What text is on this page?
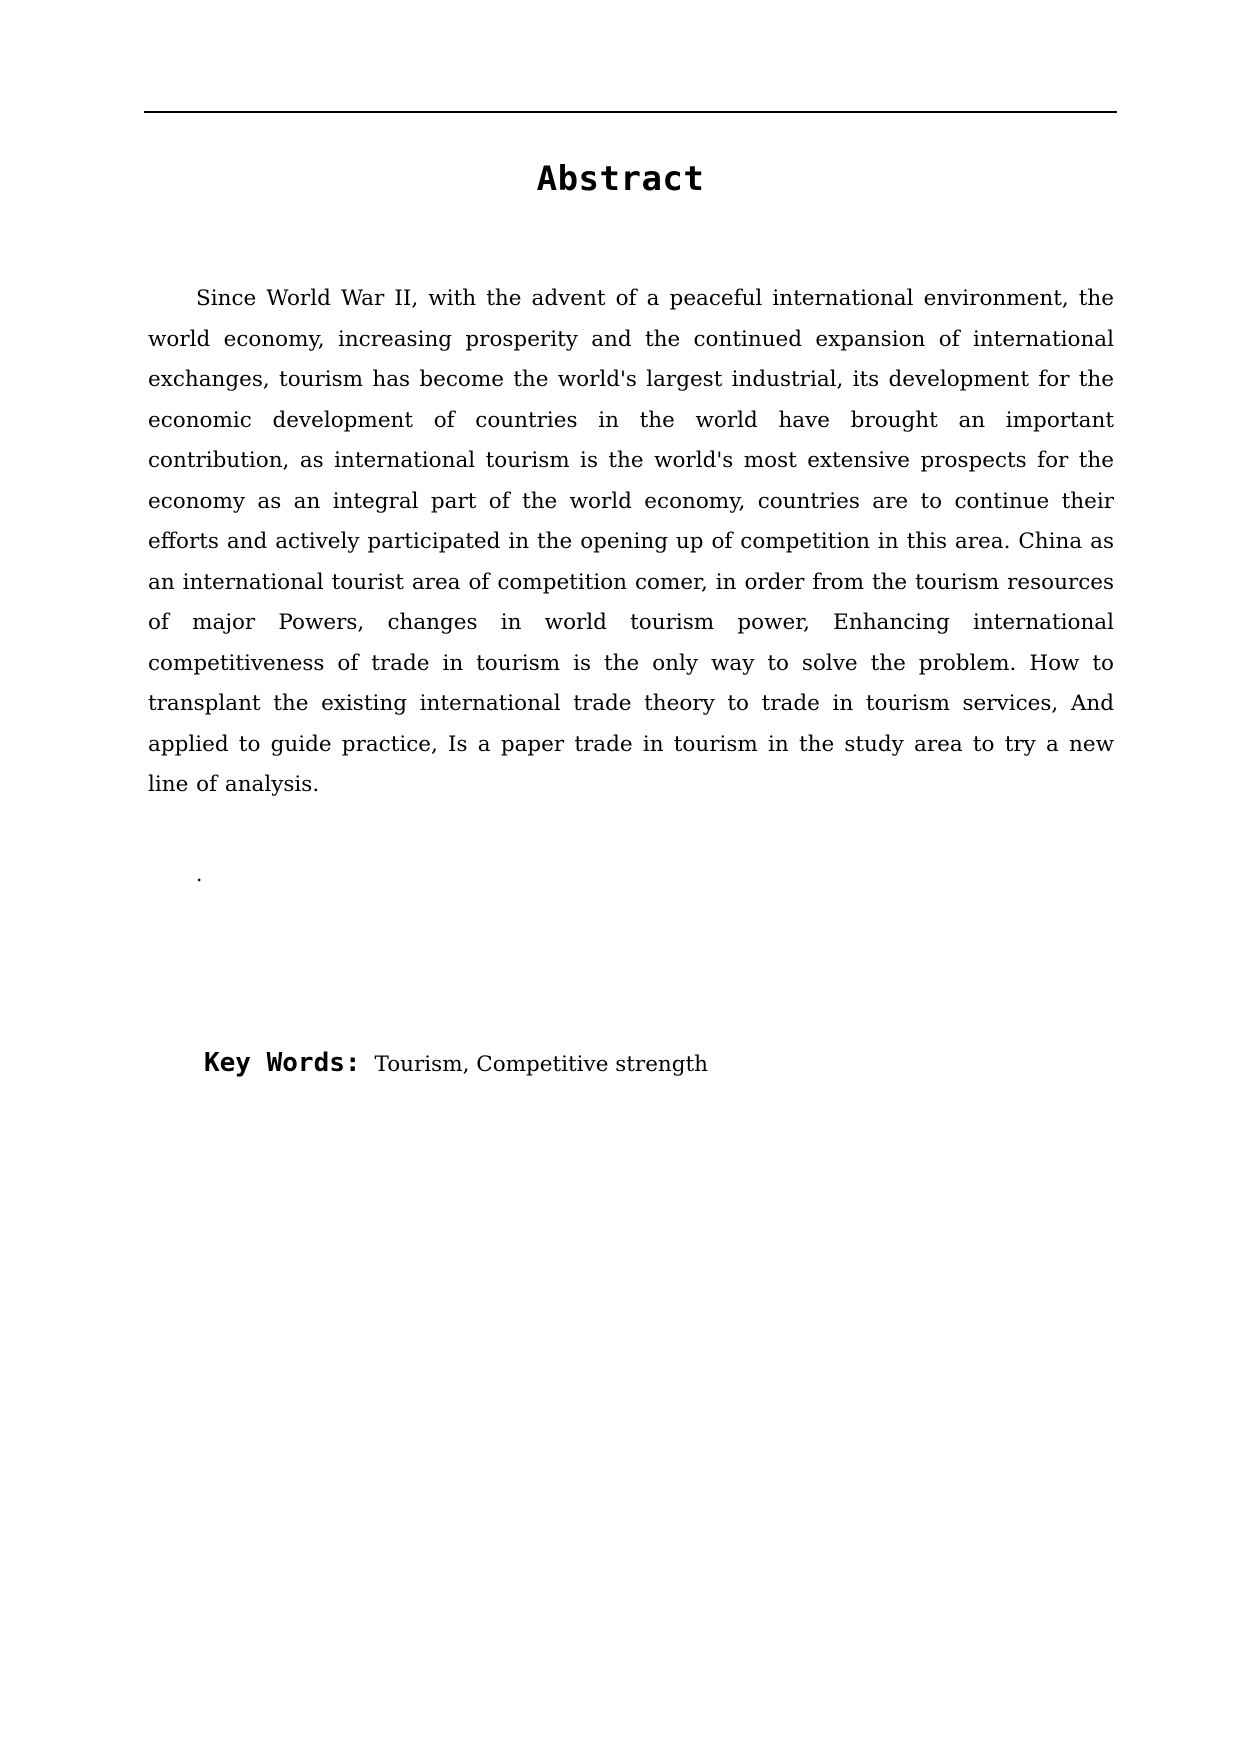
Abstract

Since World War II, with the advent of a peaceful international environment, the world economy, increasing prosperity and the continued expansion of international exchanges, tourism has become the world's largest industrial, its development for the economic development of countries in the world have brought an important contribution, as international tourism is the world's most extensive prospects for the economy as an integral part of the world economy, countries are to continue their efforts and actively participated in the opening up of competition in this area. China as an international tourist area of competition comer, in order from the tourism resources of major Powers, changes in world tourism power, Enhancing international competitiveness of trade in tourism is the only way to solve the problem. How to transplant the existing international trade theory to trade in tourism services, And applied to guide practice, Is a paper trade in tourism in the study area to try a new line of analysis.

.
Key Words: Tourism, Competitive strength
